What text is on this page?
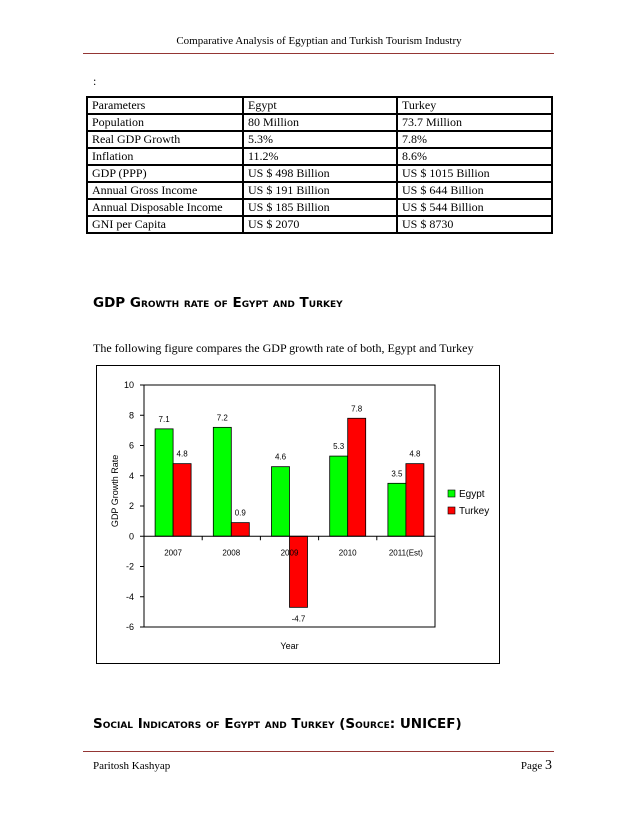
Comparative Analysis of Egyptian and Turkish Tourism Industry
:
Parameters	Egypt	Turkey
Population	80 Million	73.7 Million
Real GDP Growth	5.3%	7.8%
Inflation	11.2%	8.6%
GDP (PPP)	US $ 498 Billion	US $ 1015 Billion
Annual Gross Income	US $ 191 Billion	US $ 644 Billion
Annual Disposable Income	US $ 185 Billion	US $ 544 Billion
GNI per Capita	US $ 2070	US $ 8730
GDP Growth rate of Egypt and Turkey
The following figure compares the GDP growth rate of both, Egypt and Turkey
-6
-4
-2
0
2
4
6
8
10
7.1	7.2
4.6
5.3
3.5
4.8
0.9
-4.7
7.8
4.8
2007	2008	2009	2010	2011(Est)
Year
GDP Growth Rate	Egypt
Turkey
Social Indicators of Egypt and Turkey (Source: UNICEF)
Paritosh Kashyap	Page 3
